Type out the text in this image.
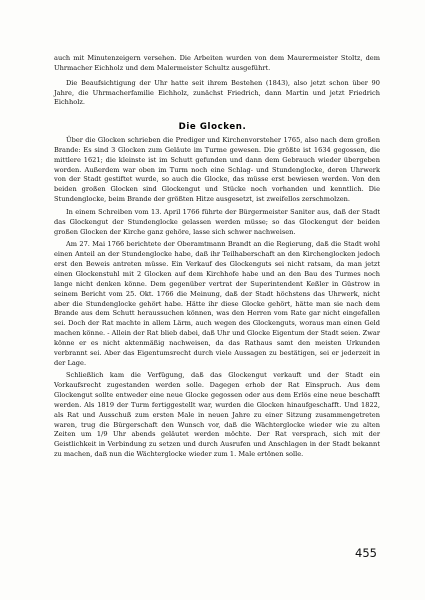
auch mit Minutenzeigern versehen. Die Arbeiten wurden von dem Maurermeister Stoltz, dem Uhrmacher Eichholz und dem Malermeister Schultz ausgeführt.

Die Beaufsichtigung der Uhr hatte seit ihrem Bestehen (1843), also jetzt schon über 90 Jahre, die Uhrmacherfamilie Eichholz, zunächst Friedrich, dann Martin und jetzt Friedrich Eichholz.

Die Glocken.

Über die Glocken schrieben die Prediger und Kirchenvorsteher 1765, also nach dem großen Brande: Es sind 3 Glocken zum Geläute im Turme gewesen. Die größte ist 1634 gegossen, die mittlere 1621; die kleinste ist im Schutt gefunden und dann dem Gebrauch wieder übergeben worden. Außerdem war oben im Turm noch eine Schlag- und Stundenglocke, deren Uhrwerk von der Stadt gestiftet wurde, so auch die Glocke, das müsse erst bewiesen werden. Von den beiden großen Glocken sind Glockengut und Stücke noch vorhanden und kenntlich. Die Stundenglocke, beim Brande der größten Hitze ausgesetzt, ist zweifellos zerschmolzen.

In einem Schreiben vom 13. April 1766 führte der Bürgermeister Saniter aus, daß der Stadt das Glockengut der Stundenglocke gelassen werden müsse; so das Glockengut der beiden großen Glocken der Kirche ganz gehöre, lasse sich schwer nachweisen.

Am 27. Mai 1766 berichtete der Oberamtmann Brandt an die Regierung, daß die Stadt wohl einen Anteil an der Stundenglocke habe, daß ihr Teilhaberschaft an den Kirchenglocken jedoch erst den Beweis antreten müsse. Ein Verkauf des Glockenguts sei nicht ratsam, da man jetzt einen Glockenstuhl mit 2 Glocken auf dem Kirchhofe habe und an den Bau des Turmes noch lange nicht denken könne. Dem gegenüber vertrat der Superintendent Keßler in Güstrow in seinem Bericht vom 25. Okt. 1766 die Meinung, daß der Stadt höchstens das Uhrwerk, nicht aber die Stundenglocke gehört habe. Hätte ihr diese Glocke gehört, hätte man sie nach dem Brande aus dem Schutt heraussuchen können, was den Herren vom Rate gar nicht eingefallen sei. Doch der Rat machte in allem Lärm, auch wegen des Glockenguts, woraus man einen Geld machen könne. - Allein der Rat blieb dabei, daß Uhr und Glocke Eigentum der Stadt seien. Zwar könne er es nicht aktenmäßig nachweisen, da das Rathaus samt den meisten Urkunden verbrannt sei. Aber das Eigentumsrecht durch viele Aussagen zu bestätigen, sei er jederzeit in der Lage.

Schließlich kam die Verfügung, daß das Glockengut verkauft und der Stadt ein Vorkaufsrecht zugestanden werden solle. Dagegen erhob der Rat Einspruch. Aus dem Glockengut sollte entweder eine neue Glocke gegossen oder aus dem Erlös eine neue beschafft werden. Als 1819 der Turm fertiggestellt war, wurden die Glocken hinaufgeschafft. Und 1822, als Rat und Ausschuß zum ersten Male in neuen Jahre zu einer Sitzung zusammengetreten waren, trug die Bürgerschaft den Wunsch vor, daß die Wächterglocke wieder wie zu alten Zeiten um 1/9 Uhr abends geläutet werden möchte. Der Rat versprach, sich mit der Geistlichkeit in Verbindung zu setzen und durch Ausrufen und Anschlagen in der Stadt bekannt zu machen, daß nun die Wächterglocke wieder zum 1. Male ertönen solle.

455
